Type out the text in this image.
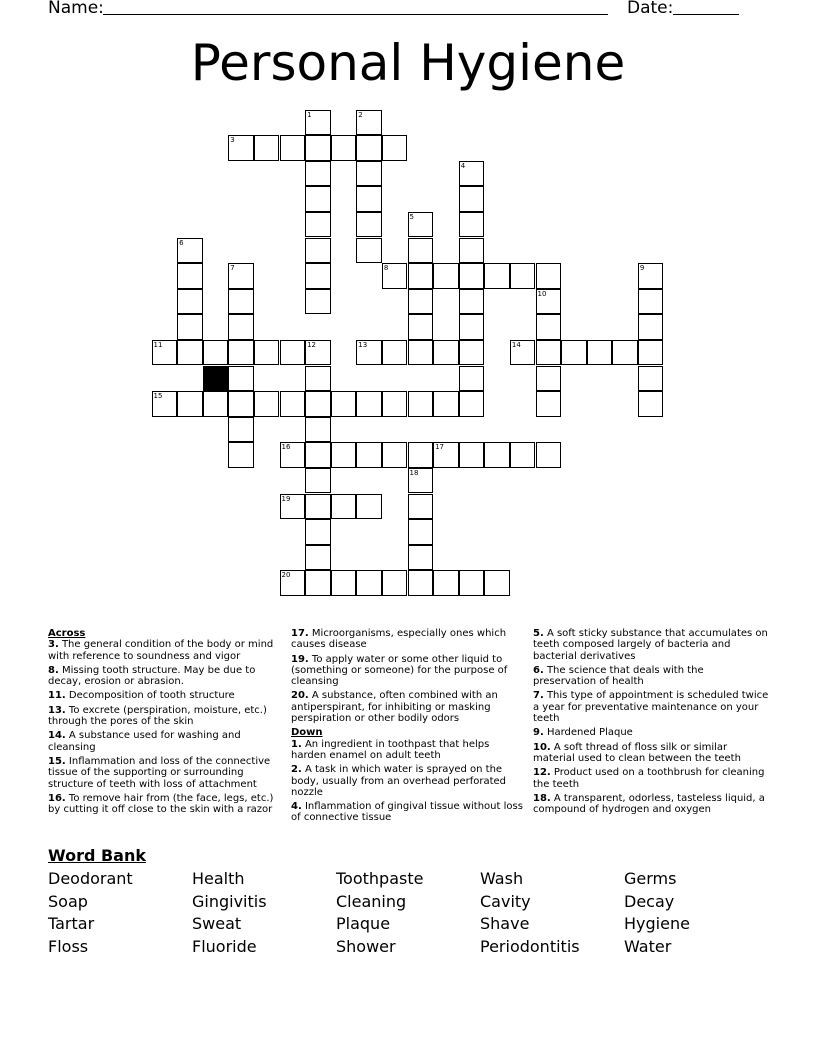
Name:	Date:
Personal Hygiene
1	2
3
4
5
6
7	8	9
10
11	12	13	14
15
16	17
18
19
20
Across
3. The general condition of the body or mind with reference to soundness and vigor
8. Missing tooth structure. May be due to decay, erosion or abrasion.
11. Decomposition of tooth structure
13. To excrete (perspiration, moisture, etc.) through the pores of the skin
14. A substance used for washing and cleansing
15. Inflammation and loss of the connective tissue of the supporting or surrounding structure of teeth with loss of attachment
16. To remove hair from (the face, legs, etc.) by cutting it off close to the skin with a razor
17. Microorganisms, especially ones which causes disease
19. To apply water or some other liquid to (something or someone) for the purpose of cleansing
20. A substance, often combined with an antiperspirant, for inhibiting or masking perspiration or other bodily odors
Down
1. An ingredient in toothpast that helps harden enamel on adult teeth
2. A task in which water is sprayed on the body, usually from an overhead perforated nozzle
4. Inflammation of gingival tissue without loss of connective tissue
5. A soft sticky substance that accumulates on teeth composed largely of bacteria and bacterial derivatives
6. The science that deals with the preservation of health
7. This type of appointment is scheduled twice a year for preventative maintenance on your teeth
9. Hardened Plaque
10. A soft thread of floss silk or similar material used to clean between the teeth
12. Product used on a toothbrush for cleaning the teeth
18. A transparent, odorless, tasteless liquid, a compound of hydrogen and oxygen
Word Bank
Deodorant	Health	Toothpaste	Wash	Germs
Soap	Gingivitis	Cleaning	Cavity	Decay
Tartar	Sweat	Plaque	Shave	Hygiene
Floss	Fluoride	Shower	Periodontitis	Water
